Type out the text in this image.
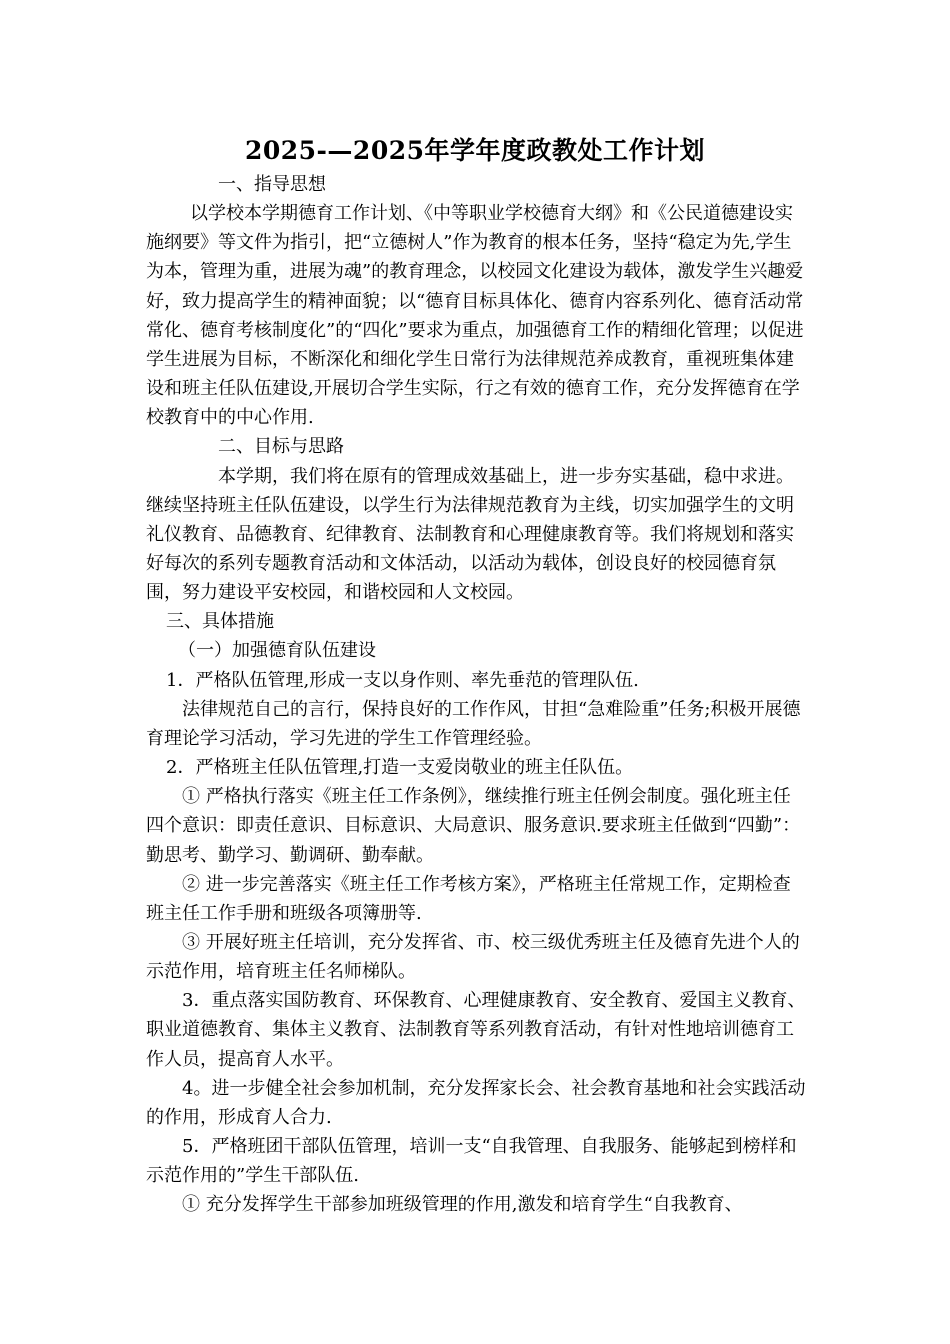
2025-—2025年学年度政教处工作计划
一、指导思想
以学校本学期德育工作计划、《中等职业学校德育大纲》和《公民道德建设实施纲要》等文件为指引，把“立德树人”作为教育的根本任务，坚持“稳定为先,学生为本，管理为重，进展为魂”的教育理念，以校园文化建设为载体，激发学生兴趣爱好，致力提高学生的精神面貌；以“德育目标具体化、德育内容系列化、德育活动常常化、德育考核制度化”的“四化”要求为重点，加强德育工作的精细化管理；以促进学生进展为目标，不断深化和细化学生日常行为法律规范养成教育，重视班集体建设和班主任队伍建设,开展切合学生实际，行之有效的德育工作，充分发挥德育在学校教育中的中心作用.
二、目标与思路
本学期，我们将在原有的管理成效基础上，进一步夯实基础，稳中求进。继续坚持班主任队伍建设，以学生行为法律规范教育为主线，切实加强学生的文明礼仪教育、品德教育、纪律教育、法制教育和心理健康教育等。我们将规划和落实好每次的系列专题教育活动和文体活动，以活动为载体，创设良好的校园德育氛围，努力建设平安校园，和谐校园和人文校园。
三、具体措施
（一）加强德育队伍建设
1．严格队伍管理,形成一支以身作则、率先垂范的管理队伍.
法律规范自己的言行，保持良好的工作作风，甘担“急难险重”任务;积极开展德育理论学习活动，学习先进的学生工作管理经验。
2．严格班主任队伍管理,打造一支爱岗敬业的班主任队伍。
① 严格执行落实《班主任工作条例》，继续推行班主任例会制度。强化班主任四个意识：即责任意识、目标意识、大局意识、服务意识.要求班主任做到“四勤”：勤思考、勤学习、勤调研、勤奉献。
② 进一步完善落实《班主任工作考核方案》，严格班主任常规工作，定期检查班主任工作手册和班级各项簿册等.
③ 开展好班主任培训，充分发挥省、市、校三级优秀班主任及德育先进个人的示范作用，培育班主任名师梯队。
3．重点落实国防教育、环保教育、心理健康教育、安全教育、爱国主义教育、职业道德教育、集体主义教育、法制教育等系列教育活动，有针对性地培训德育工作人员，提高育人水平。
4。进一步健全社会参加机制，充分发挥家长会、社会教育基地和社会实践活动的作用，形成育人合力.
5．严格班团干部队伍管理，培训一支“自我管理、自我服务、能够起到榜样和示范作用的”学生干部队伍.
① 充分发挥学生干部参加班级管理的作用,激发和培育学生“自我教育、
